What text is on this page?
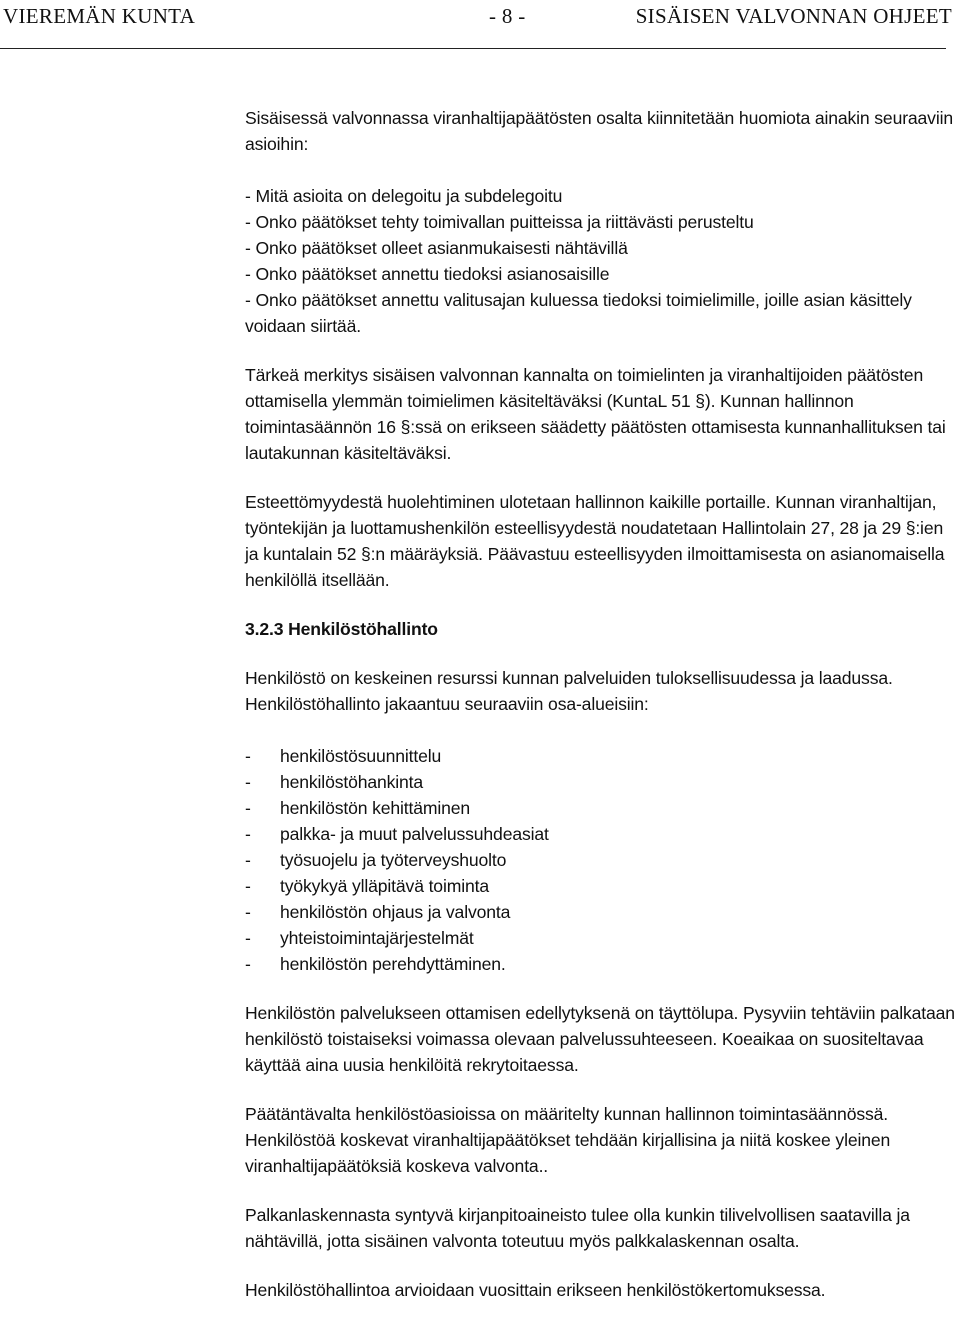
VIEREMÄN KUNTA	- 8 -	SISÄISEN VALVONNAN OHJEET

Sisäisessä valvonnassa viranhaltijapäätösten osalta kiinnitetään huomiota ainakin seuraaviin asioihin:

- Mitä asioita on delegoitu ja subdelegoitu

- Onko päätökset tehty toimivallan puitteissa ja riittävästi perusteltu

- Onko päätökset olleet asianmukaisesti nähtävillä

- Onko päätökset annettu tiedoksi asianosaisille

- Onko päätökset annettu valitusajan kuluessa tiedoksi toimielimille, joille asian käsittely voidaan siirtää.

Tärkeä merkitys sisäisen valvonnan kannalta on toimielinten ja viranhaltijoiden päätösten ottamisella ylemmän toimielimen käsiteltäväksi (KuntaL 51 §). Kunnan hallinnon toimintasäännön 16 §:ssä on erikseen säädetty päätösten ottamisesta kunnanhallituksen tai lautakunnan käsiteltäväksi.

Esteettömyydestä huolehtiminen ulotetaan hallinnon kaikille portaille. Kunnan viranhaltijan, työntekijän ja luottamushenkilön esteellisyydestä noudatetaan Hallintolain 27, 28 ja 29 §:ien ja kuntalain 52 §:n määräyksiä. Päävastuu esteellisyyden ilmoittamisesta on asianomaisella henkilöllä itsellään.

3.2.3 Henkilöstöhallinto

Henkilöstö on keskeinen resurssi kunnan palveluiden tuloksellisuudessa ja laadussa. Henkilöstöhallinto jakaantuu seuraaviin osa-alueisiin:

- henkilöstösuunnittelu
- henkilöstöhankinta
- henkilöstön kehittäminen
- palkka- ja muut palvelussuhdeasiat
- työsuojelu ja työterveyshuolto
- työkykyä ylläpitävä toiminta
- henkilöstön ohjaus ja valvonta
- yhteistoimintajärjestelmät
- henkilöstön perehdyttäminen.

Henkilöstön palvelukseen ottamisen edellytyksenä on täyttölupa. Pysyviin tehtäviin palkataan henkilöstö toistaiseksi voimassa olevaan palvelussuhteeseen. Koeaikaa on suositeltavaa käyttää aina uusia henkilöitä rekrytoitaessa.

Päätäntävalta henkilöstöasioissa on määritelty kunnan hallinnon toimintasäännössä. Henkilöstöä koskevat viranhaltijapäätökset tehdään kirjallisina ja niitä koskee yleinen viranhaltijapäätöksiä koskeva valvonta..

Palkanlaskennasta syntyvä kirjanpitoaineisto tulee olla kunkin tilivelvollisen saatavilla ja nähtävillä, jotta sisäinen valvonta toteutuu myös palkkalaskennan osalta.

Henkilöstöhallintoa arvioidaan vuosittain erikseen henkilöstökertomuksessa.
